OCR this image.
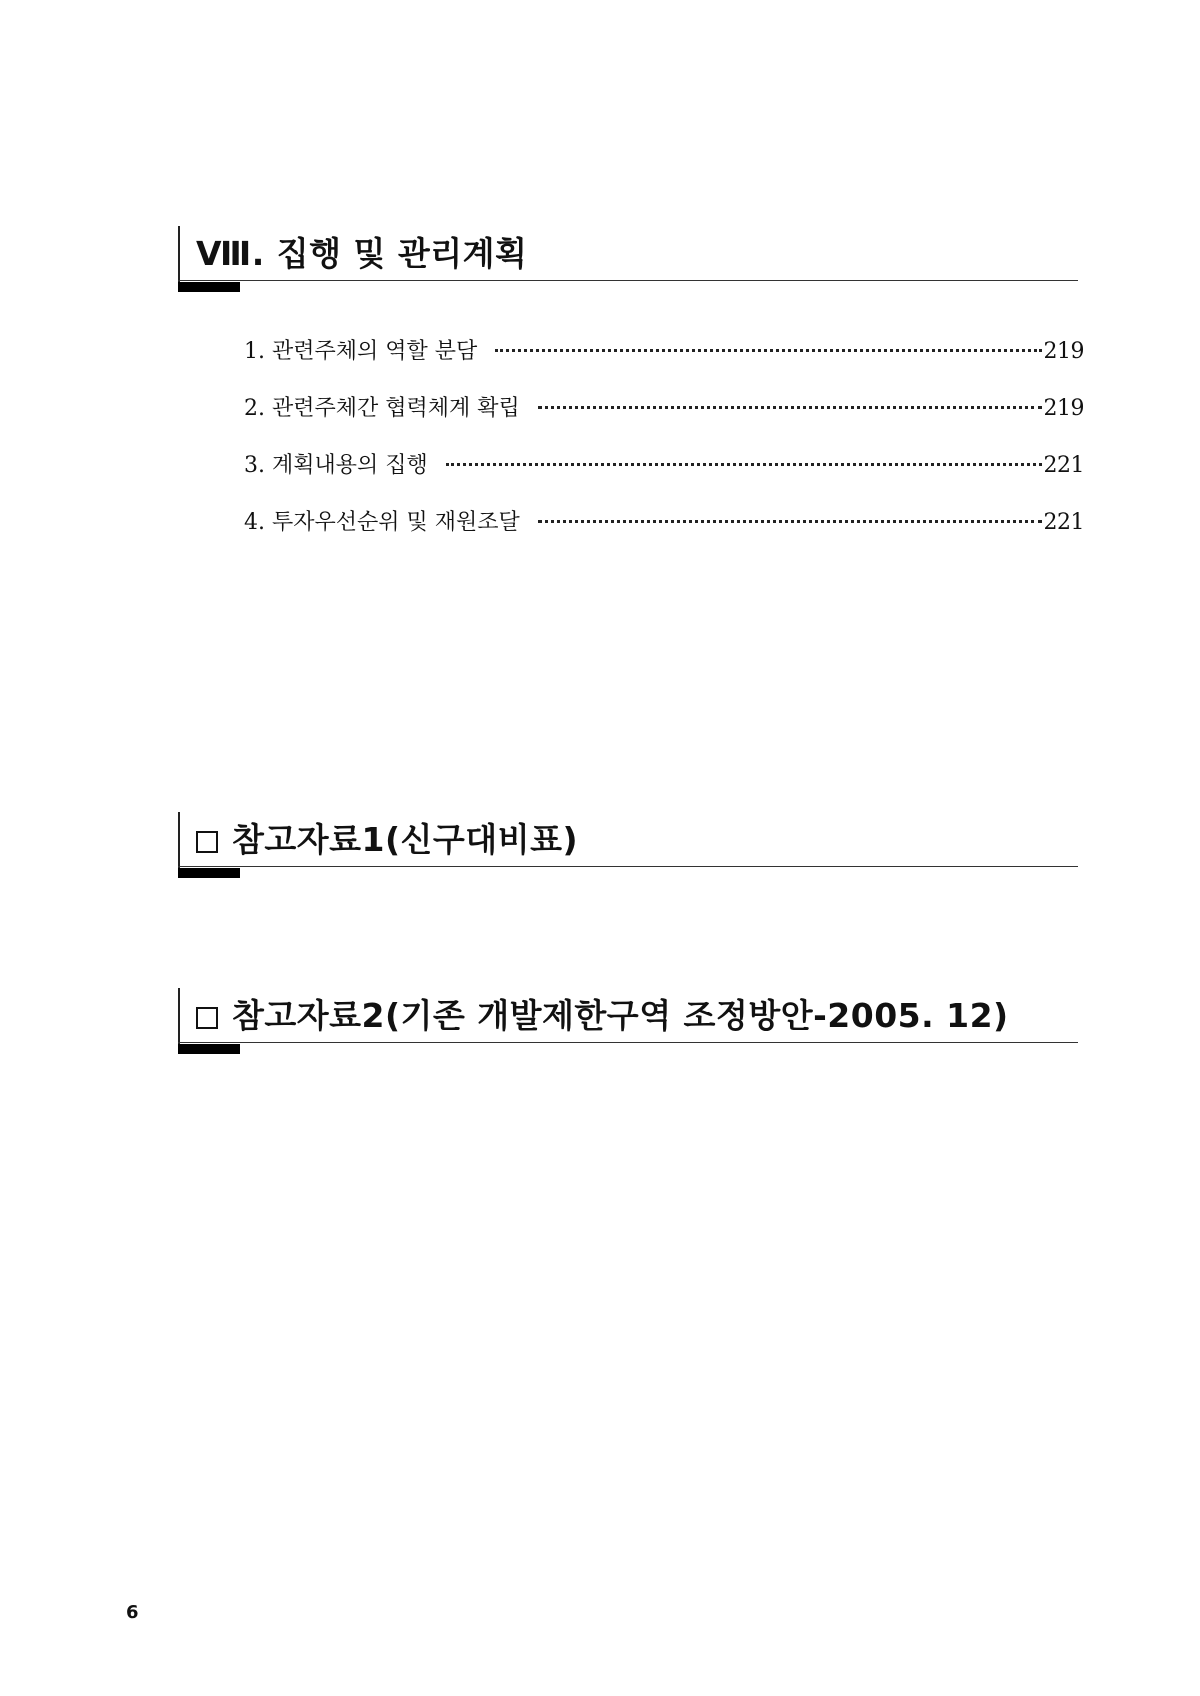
Ⅷ. 집행 및 관리계획
1. 관련주체의 역할 분담	219
2. 관련주체간 협력체계 확립	219
3. 계획내용의 집행	221
4. 투자우선순위 및 재원조달	221
참고자료1(신구대비표)
참고자료2(기존 개발제한구역 조정방안-2005. 12)
6
